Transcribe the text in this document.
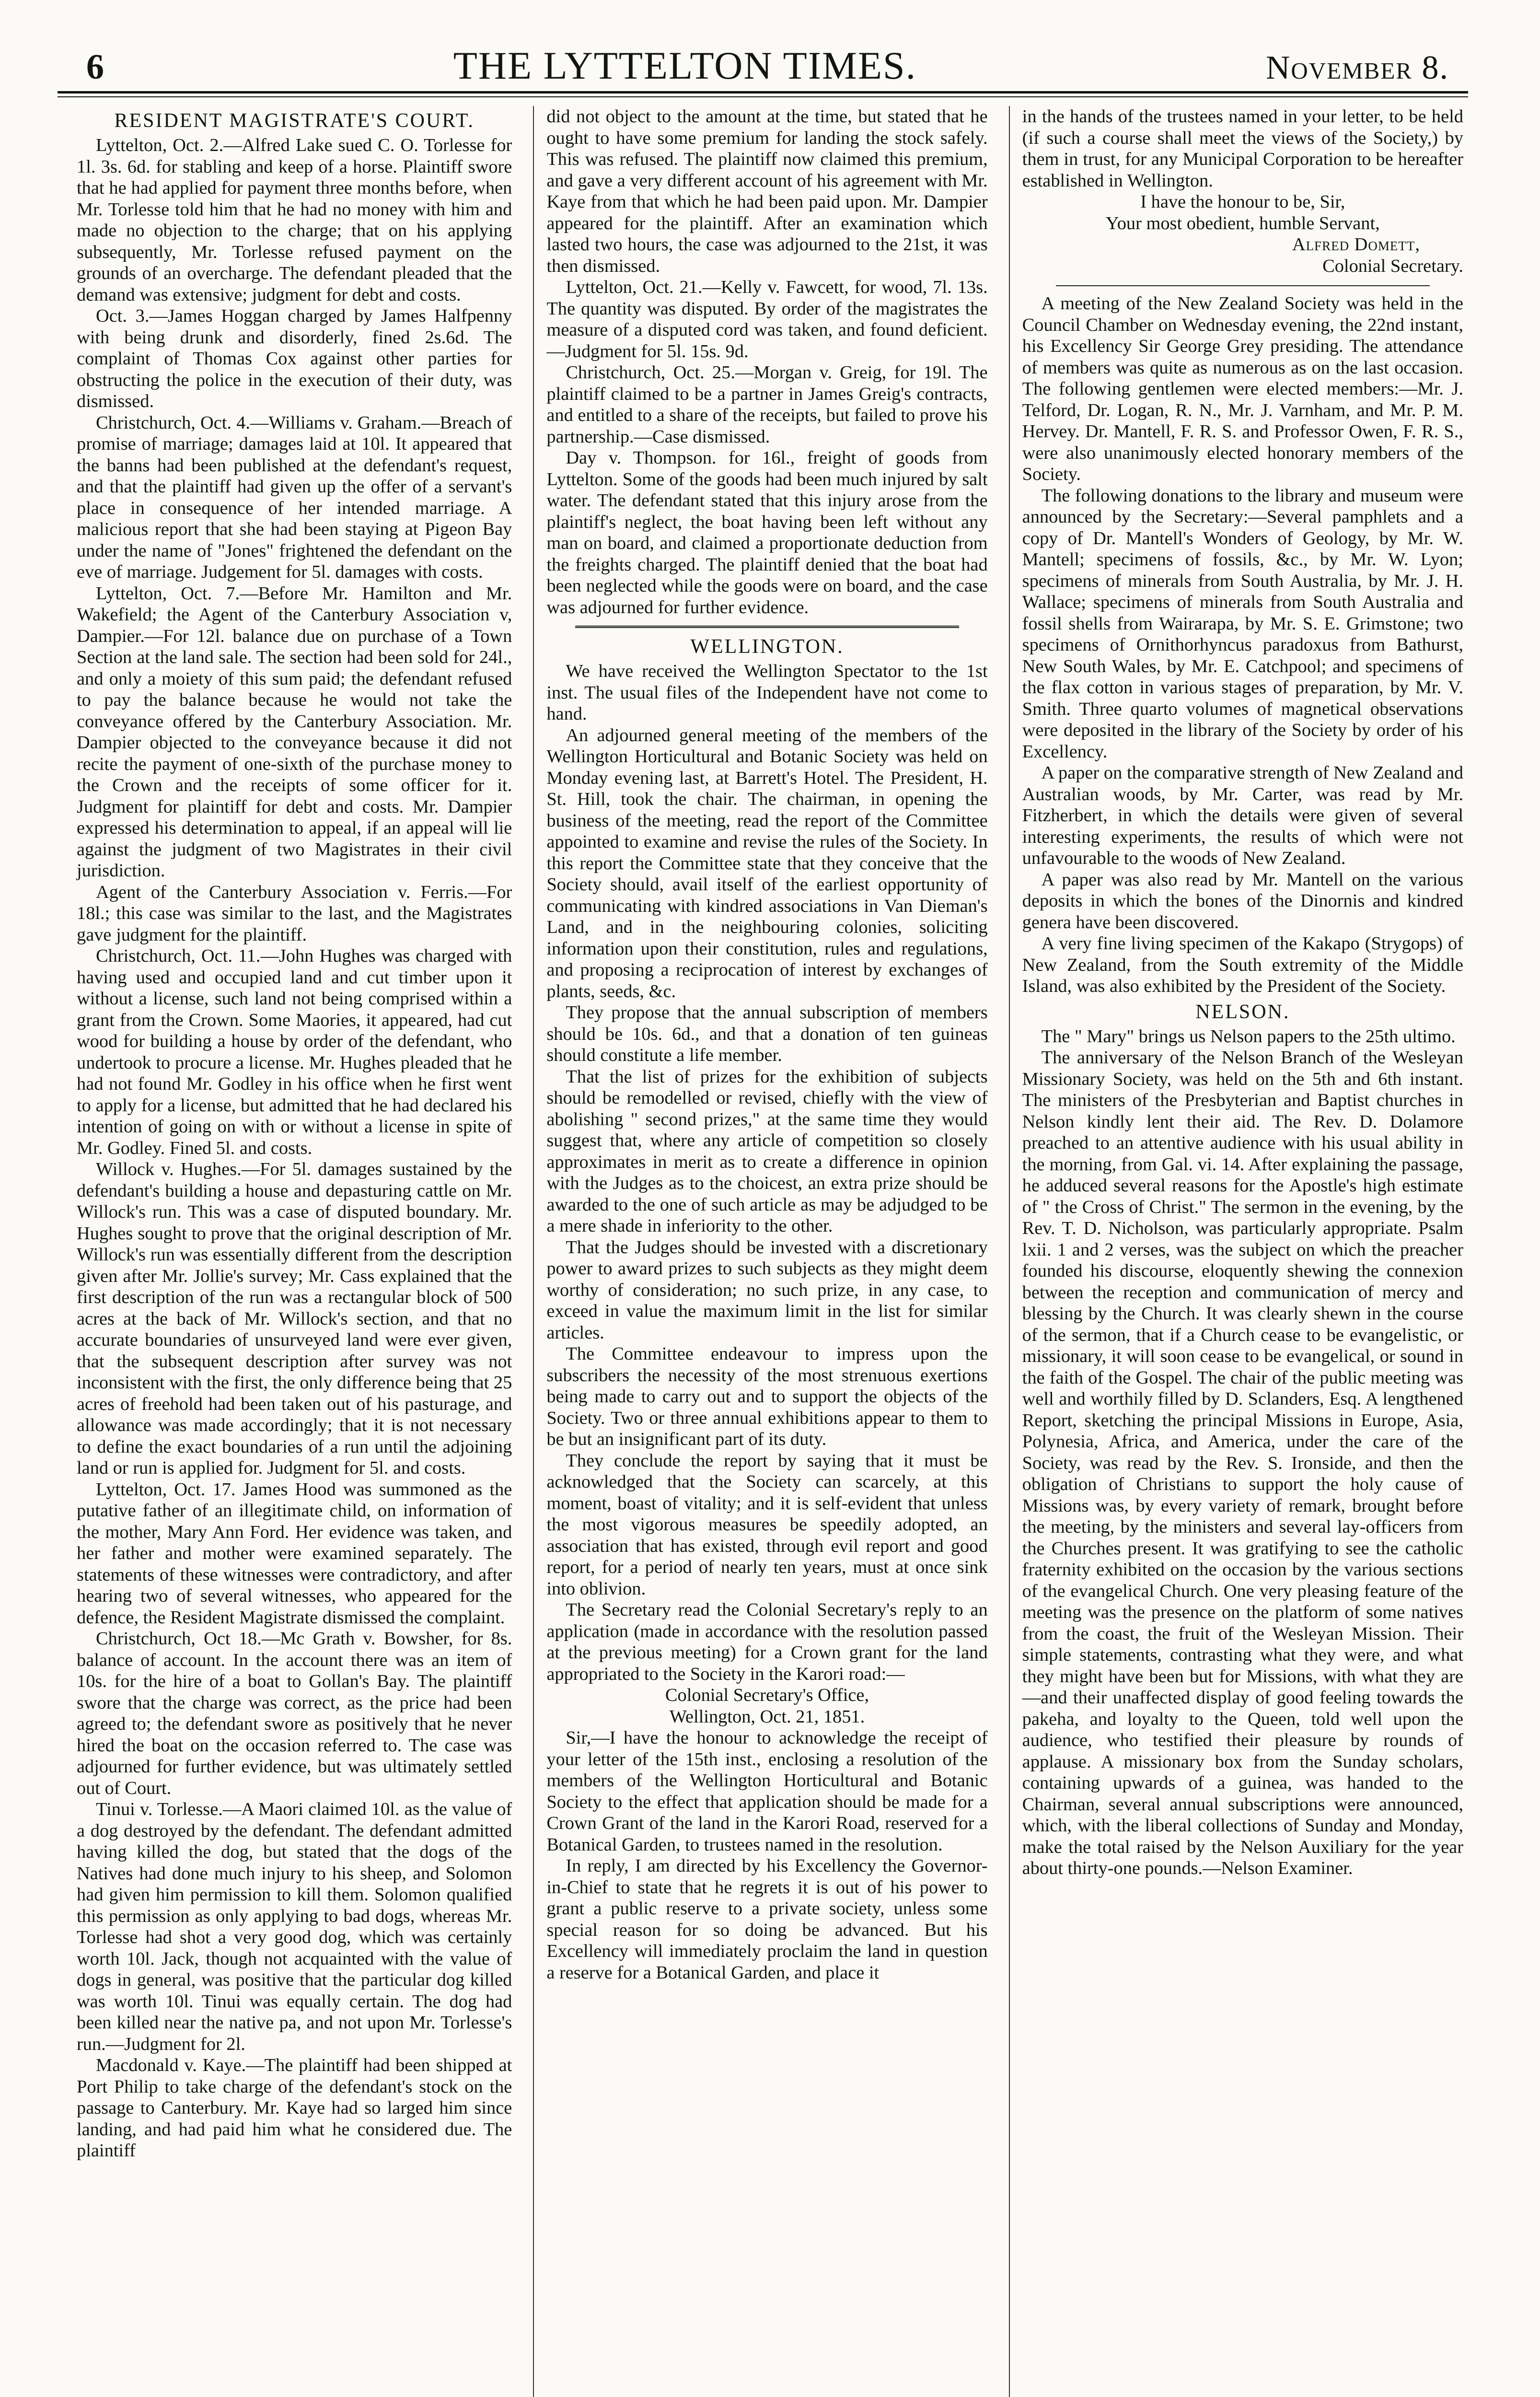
6	THE LYTTELTON TIMES.	November 8.
RESIDENT MAGISTRATE'S COURT.

Lyttelton, Oct. 2.—Alfred Lake sued C. O. Torlesse for 1l. 3s. 6d. for stabling and keep of a horse. Plaintiff swore that he had applied for payment three months before, when Mr. Torlesse told him that he had no money with him and made no objection to the charge; that on his applying subsequently, Mr. Torlesse refused payment on the grounds of an overcharge. The defendant pleaded that the demand was extensive; judgment for debt and costs.

Oct. 3.—James Hoggan charged by James Halfpenny with being drunk and disorderly, fined 2s.6d. The complaint of Thomas Cox against other parties for obstructing the police in the execution of their duty, was dismissed.

Christchurch, Oct. 4.—Williams v. Graham.—Breach of promise of marriage; damages laid at 10l. It appeared that the banns had been published at the defendant's request, and that the plaintiff had given up the offer of a servant's place in consequence of her intended marriage. A malicious report that she had been staying at Pigeon Bay under the name of "Jones" frightened the defendant on the eve of marriage. Judgement for 5l. damages with costs.

Lyttelton, Oct. 7.—Before Mr. Hamilton and Mr. Wakefield; the Agent of the Canterbury Association v, Dampier.—For 12l. balance due on purchase of a Town Section at the land sale. The section had been sold for 24l., and only a moiety of this sum paid; the defendant refused to pay the balance because he would not take the conveyance offered by the Canterbury Association. Mr. Dampier objected to the conveyance because it did not recite the payment of one-sixth of the purchase money to the Crown and the receipts of some officer for it. Judgment for plaintiff for debt and costs. Mr. Dampier expressed his determination to appeal, if an appeal will lie against the judgment of two Magistrates in their civil jurisdiction.

Agent of the Canterbury Association v. Ferris.—For 18l.; this case was similar to the last, and the Magistrates gave judgment for the plaintiff.

Christchurch, Oct. 11.—John Hughes was charged with having used and occupied land and cut timber upon it without a license, such land not being comprised within a grant from the Crown. Some Maories, it appeared, had cut wood for building a house by order of the defendant, who undertook to procure a license. Mr. Hughes pleaded that he had not found Mr. Godley in his office when he first went to apply for a license, but admitted that he had declared his intention of going on with or without a license in spite of Mr. Godley. Fined 5l. and costs.

Willock v. Hughes.—For 5l. damages sustained by the defendant's building a house and depasturing cattle on Mr. Willock's run. This was a case of disputed boundary. Mr. Hughes sought to prove that the original description of Mr. Willock's run was essentially different from the description given after Mr. Jollie's survey; Mr. Cass explained that the first description of the run was a rectangular block of 500 acres at the back of Mr. Willock's section, and that no accurate boundaries of unsurveyed land were ever given, that the subsequent description after survey was not inconsistent with the first, the only difference being that 25 acres of freehold had been taken out of his pasturage, and allowance was made accordingly; that it is not necessary to define the exact boundaries of a run until the adjoining land or run is applied for. Judgment for 5l. and costs.

Lyttelton, Oct. 17. James Hood was summoned as the putative father of an illegitimate child, on information of the mother, Mary Ann Ford. Her evidence was taken, and her father and mother were examined separately. The statements of these witnesses were contradictory, and after hearing two of several witnesses, who appeared for the defence, the Resident Magistrate dismissed the complaint.

Christchurch, Oct 18.—Mc Grath v. Bowsher, for 8s. balance of account. In the account there was an item of 10s. for the hire of a boat to Gollan's Bay. The plaintiff swore that the charge was correct, as the price had been agreed to; the defendant swore as positively that he never hired the boat on the occasion referred to. The case was adjourned for further evidence, but was ultimately settled out of Court.

Tinui v. Torlesse.—A Maori claimed 10l. as the value of a dog destroyed by the defendant. The defendant admitted having killed the dog, but stated that the dogs of the Natives had done much injury to his sheep, and Solomon had given him permission to kill them. Solomon qualified this permission as only applying to bad dogs, whereas Mr. Torlesse had shot a very good dog, which was certainly worth 10l. Jack, though not acquainted with the value of dogs in general, was positive that the particular dog killed was worth 10l. Tinui was equally certain. The dog had been killed near the native pa, and not upon Mr. Torlesse's run.—Judgment for 2l.

Macdonald v. Kaye.—The plaintiff had been shipped at Port Philip to take charge of the defendant's stock on the passage to Canterbury. Mr. Kaye had so larged him since landing, and had paid him what he considered due. The plaintiff

did not object to the amount at the time, but stated that he ought to have some premium for landing the stock safely. This was refused. The plaintiff now claimed this premium, and gave a very different account of his agreement with Mr. Kaye from that which he had been paid upon. Mr. Dampier appeared for the plaintiff. After an examination which lasted two hours, the case was adjourned to the 21st, it was then dismissed.

Lyttelton, Oct. 21.—Kelly v. Fawcett, for wood, 7l. 13s. The quantity was disputed. By order of the magistrates the measure of a disputed cord was taken, and found deficient.—Judgment for 5l. 15s. 9d.

Christchurch, Oct. 25.—Morgan v. Greig, for 19l. The plaintiff claimed to be a partner in James Greig's contracts, and entitled to a share of the receipts, but failed to prove his partnership.—Case dismissed.

Day v. Thompson. for 16l., freight of goods from Lyttelton. Some of the goods had been much injured by salt water. The defendant stated that this injury arose from the plaintiff's neglect, the boat having been left without any man on board, and claimed a proportionate deduction from the freights charged. The plaintiff denied that the boat had been neglected while the goods were on board, and the case was adjourned for further evidence.

WELLINGTON.

We have received the Wellington Spectator to the 1st inst. The usual files of the Independent have not come to hand.

An adjourned general meeting of the members of the Wellington Horticultural and Botanic Society was held on Monday evening last, at Barrett's Hotel. The President, H. St. Hill, took the chair. The chairman, in opening the business of the meeting, read the report of the Committee appointed to examine and revise the rules of the Society. In this report the Committee state that they conceive that the Society should, avail itself of the earliest opportunity of communicating with kindred associations in Van Dieman's Land, and in the neighbouring colonies, soliciting information upon their constitution, rules and regulations, and proposing a reciprocation of interest by exchanges of plants, seeds, &c.

They propose that the annual subscription of members should be 10s. 6d., and that a donation of ten guineas should constitute a life member.

That the list of prizes for the exhibition of subjects should be remodelled or revised, chiefly with the view of abolishing " second prizes," at the same time they would suggest that, where any article of competition so closely approximates in merit as to create a difference in opinion with the Judges as to the choicest, an extra prize should be awarded to the one of such article as may be adjudged to be a mere shade in inferiority to the other.

That the Judges should be invested with a discretionary power to award prizes to such subjects as they might deem worthy of consideration; no such prize, in any case, to exceed in value the maximum limit in the list for similar articles.

The Committee endeavour to impress upon the subscribers the necessity of the most strenuous exertions being made to carry out and to support the objects of the Society. Two or three annual exhibitions appear to them to be but an insignificant part of its duty.

They conclude the report by saying that it must be acknowledged that the Society can scarcely, at this moment, boast of vitality; and it is self-evident that unless the most vigorous measures be speedily adopted, an association that has existed, through evil report and good report, for a period of nearly ten years, must at once sink into oblivion.

The Secretary read the Colonial Secretary's reply to an application (made in accordance with the resolution passed at the previous meeting) for a Crown grant for the land appropriated to the Society in the Karori road:—

Colonial Secretary's Office,
Wellington, Oct. 21, 1851.

Sir,—I have the honour to acknowledge the receipt of your letter of the 15th inst., enclosing a resolution of the members of the Wellington Horticultural and Botanic Society to the effect that application should be made for a Crown Grant of the land in the Karori Road, reserved for a Botanical Garden, to trustees named in the resolution.

In reply, I am directed by his Excellency the Governor-in-Chief to state that he regrets it is out of his power to grant a public reserve to a private society, unless some special reason for so doing be advanced. But his Excellency will immediately proclaim the land in question a reserve for a Botanical Garden, and place it

in the hands of the trustees named in your letter, to be held (if such a course shall meet the views of the Society,) by them in trust, for any Municipal Corporation to be hereafter established in Wellington.

I have the honour to be, Sir,
Your most obedient, humble Servant,
Alfred Domett,
Colonial Secretary.

A meeting of the New Zealand Society was held in the Council Chamber on Wednesday evening, the 22nd instant, his Excellency Sir George Grey presiding. The attendance of members was quite as numerous as on the last occasion. The following gentlemen were elected members:—Mr. J. Telford, Dr. Logan, R. N., Mr. J. Varnham, and Mr. P. M. Hervey. Dr. Mantell, F. R. S. and Professor Owen, F. R. S., were also unanimously elected honorary members of the Society.

The following donations to the library and museum were announced by the Secretary:—Several pamphlets and a copy of Dr. Mantell's Wonders of Geology, by Mr. W. Mantell; specimens of fossils, &c., by Mr. W. Lyon; specimens of minerals from South Australia, by Mr. J. H. Wallace; specimens of minerals from South Australia and fossil shells from Wairarapa, by Mr. S. E. Grimstone; two specimens of Ornithorhyncus paradoxus from Bathurst, New South Wales, by Mr. E. Catchpool; and specimens of the flax cotton in various stages of preparation, by Mr. V. Smith. Three quarto volumes of magnetical observations were deposited in the library of the Society by order of his Excellency.

A paper on the comparative strength of New Zealand and Australian woods, by Mr. Carter, was read by Mr. Fitzherbert, in which the details were given of several interesting experiments, the results of which were not unfavourable to the woods of New Zealand.

A paper was also read by Mr. Mantell on the various deposits in which the bones of the Dinornis and kindred genera have been discovered.

A very fine living specimen of the Kakapo (Strygops) of New Zealand, from the South extremity of the Middle Island, was also exhibited by the President of the Society.

NELSON.

The " Mary" brings us Nelson papers to the 25th ultimo.

The anniversary of the Nelson Branch of the Wesleyan Missionary Society, was held on the 5th and 6th instant. The ministers of the Presbyterian and Baptist churches in Nelson kindly lent their aid. The Rev. D. Dolamore preached to an attentive audience with his usual ability in the morning, from Gal. vi. 14. After explaining the passage, he adduced several reasons for the Apostle's high estimate of " the Cross of Christ." The sermon in the evening, by the Rev. T. D. Nicholson, was particularly appropriate. Psalm lxii. 1 and 2 verses, was the subject on which the preacher founded his discourse, eloquently shewing the connexion between the reception and communication of mercy and blessing by the Church. It was clearly shewn in the course of the sermon, that if a Church cease to be evangelistic, or missionary, it will soon cease to be evangelical, or sound in the faith of the Gospel. The chair of the public meeting was well and worthily filled by D. Sclanders, Esq. A lengthened Report, sketching the principal Missions in Europe, Asia, Polynesia, Africa, and America, under the care of the Society, was read by the Rev. S. Ironside, and then the obligation of Christians to support the holy cause of Missions was, by every variety of remark, brought before the meeting, by the ministers and several lay-officers from the Churches present. It was gratifying to see the catholic fraternity exhibited on the occasion by the various sections of the evangelical Church. One very pleasing feature of the meeting was the presence on the platform of some natives from the coast, the fruit of the Wesleyan Mission. Their simple statements, contrasting what they were, and what they might have been but for Missions, with what they are—and their unaffected display of good feeling towards the pakeha, and loyalty to the Queen, told well upon the audience, who testified their pleasure by rounds of applause. A missionary box from the Sunday scholars, containing upwards of a guinea, was handed to the Chairman, several annual subscriptions were announced, which, with the liberal collections of Sunday and Monday, make the total raised by the Nelson Auxiliary for the year about thirty-one pounds.—Nelson Examiner.
